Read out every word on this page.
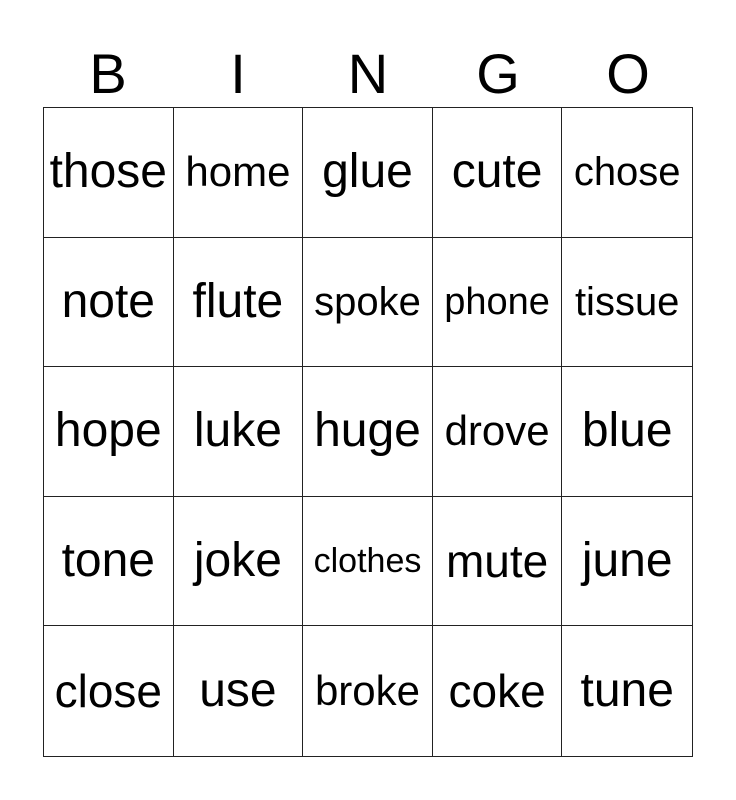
B	I	N	G	O
those home glue cute chose
note flute spoke phone tissue
hope luke huge drove blue
tone joke clothes mute june
close use broke coke tune
